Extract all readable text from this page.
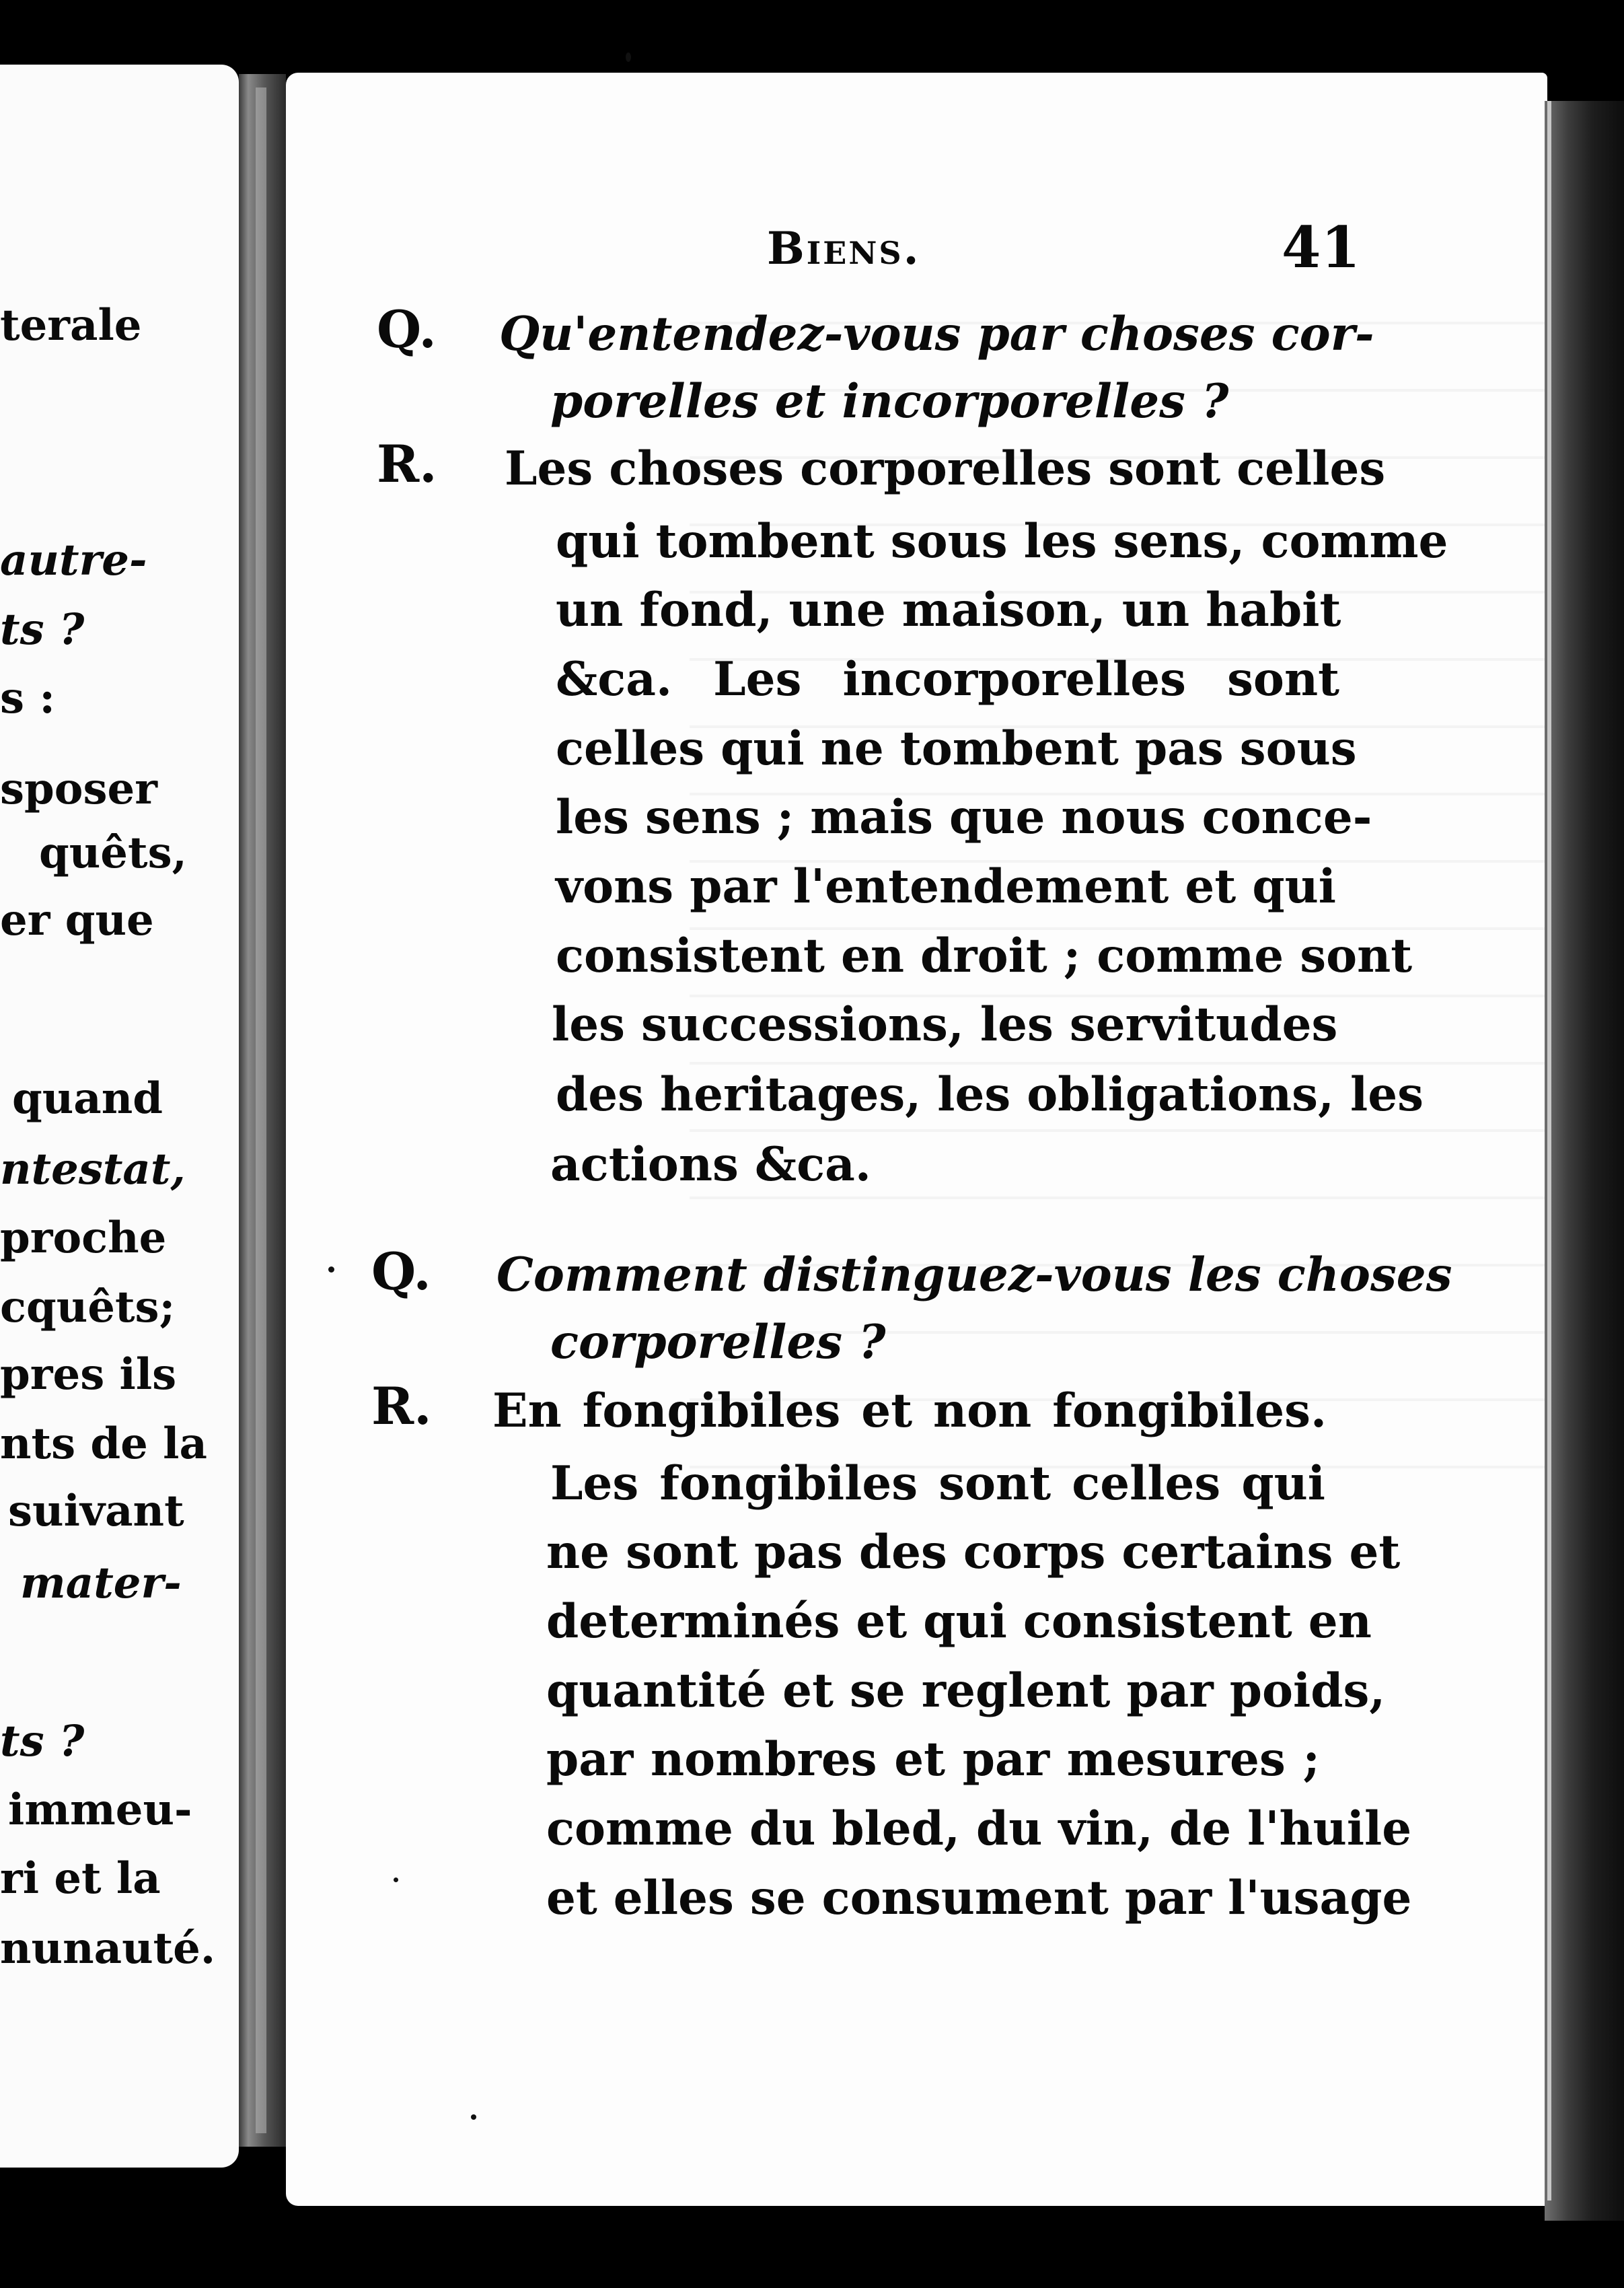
terale
autre-
ts ?
s :
sposer
quêts,
er que
quand
ntestat,
proche
cquêts;
pres ils
nts de la
suivant
mater-
ts ?
immeu-
ri et la
nunauté.
Biens.	41
Q. Qu'entendez-vous par choses cor-
porelles et incorporelles ?
R. Les choses corporelles sont celles
qui tombent sous les sens, comme
un fond, une maison, un habit
&ca. Les incorporelles sont
celles qui ne tombent pas sous
les sens ; mais que nous conce-
vons par l'entendement et qui
consistent en droit ; comme sont
les successions, les servitudes
des heritages, les obligations, les
actions &ca.
Q. Comment distinguez-vous les choses
corporelles ?
R. En fongibiles et non fongibiles.
Les fongibiles sont celles qui
ne sont pas des corps certains et
determinés et qui consistent en
quantité et se reglent par poids,
par nombres et par mesures ;
comme du bled, du vin, de l'huile
et elles se consument par l'usage
